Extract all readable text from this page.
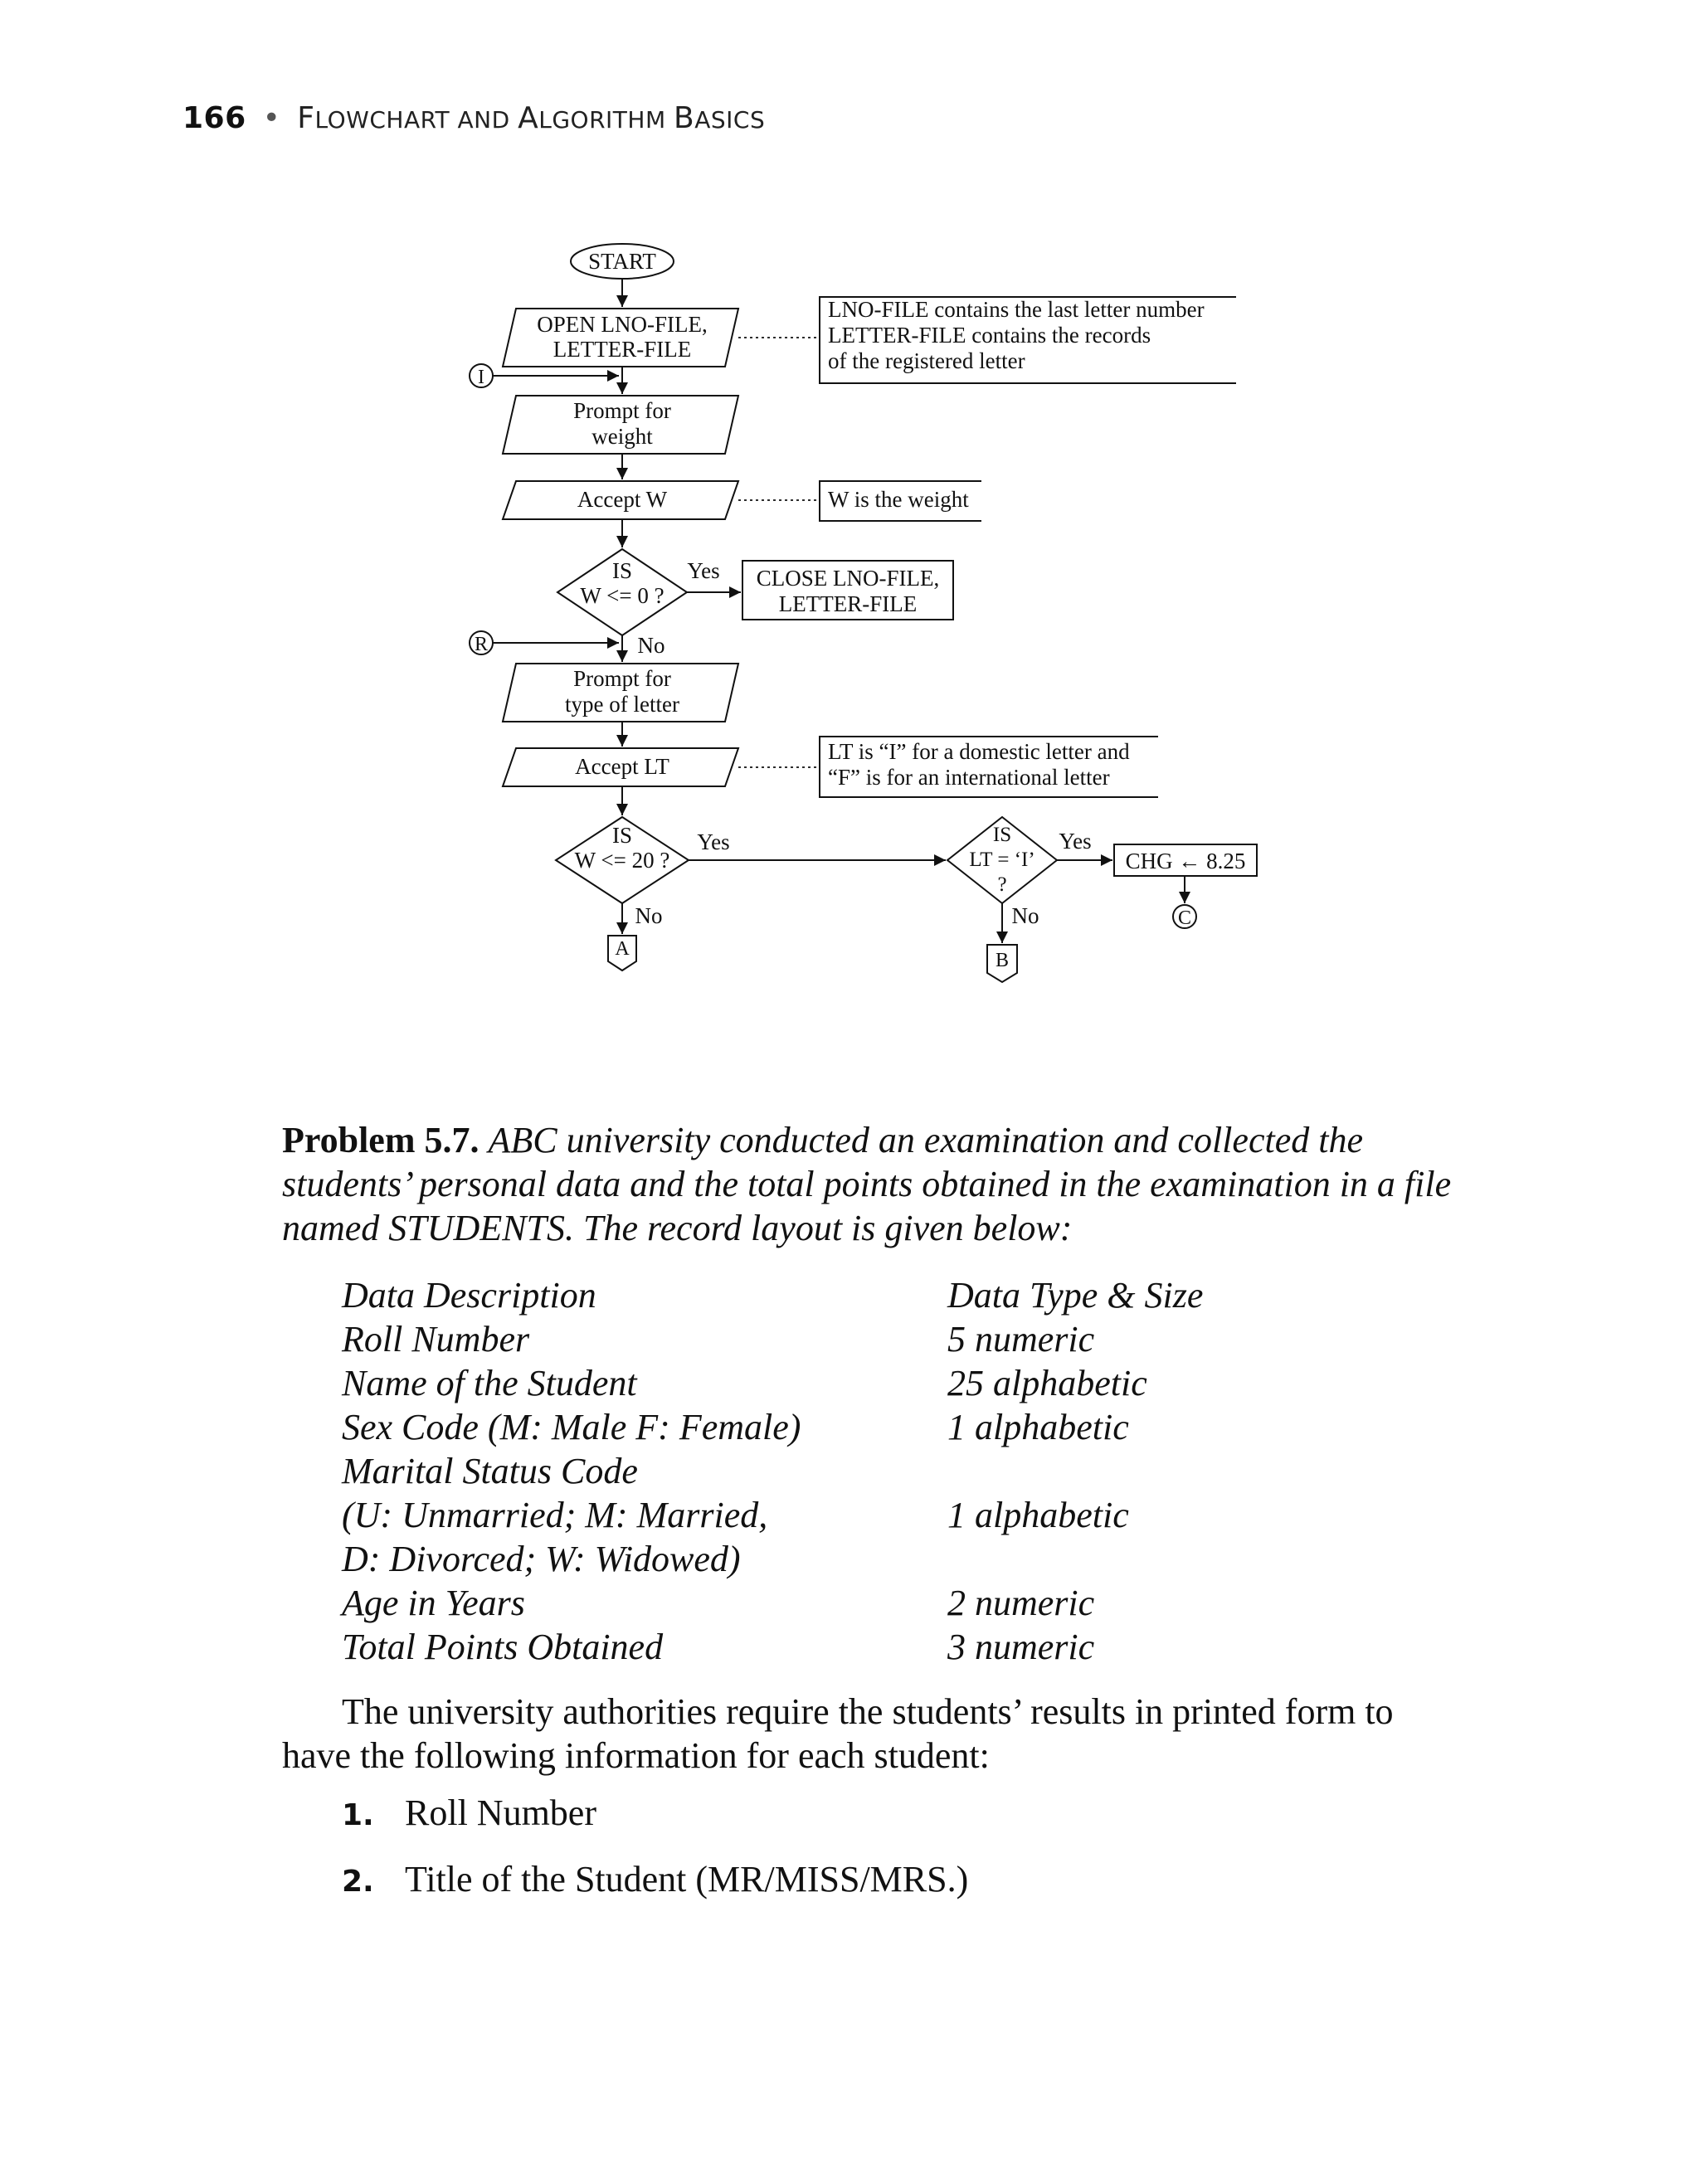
166 • FLOWCHART AND ALGORITHM BASICS
START
OPEN LNO-FILE,
LETTER-FILE
I
Prompt for
weight
Accept W
IS
W <= 0 ?
Yes CLOSE LNO-FILE,
LETTER-FILE
R	No
Prompt for
type of letter
Accept LT
IS
W <= 20 ?
Yes
No
A
IS
LT = ‘I’
?
Yes
No
B
CHG ← 8.25
C
LNO-FILE contains the last letter number
LETTER-FILE contains the records
of the registered letter
W is the weight
LT is “I” for a domestic letter and
“F” is for an international letter
Problem 5.7. ABC university conducted an examination and collected the students’ personal data and the total points obtained in the examination in a file named STUDENTS. The record layout is given below:
Data Description	Data Type & Size
Roll Number	5 numeric
Name of the Student	25 alphabetic
Sex Code (M: Male F: Female)	1 alphabetic
Marital Status Code
(U: Unmarried; M: Married,	1 alphabetic
D: Divorced; W: Widowed)
Age in Years	2 numeric
Total Points Obtained	3 numeric
The university authorities require the students’ results in printed form to have the following information for each student:
1. Roll Number
2. Title of the Student (MR/MISS/MRS.)
